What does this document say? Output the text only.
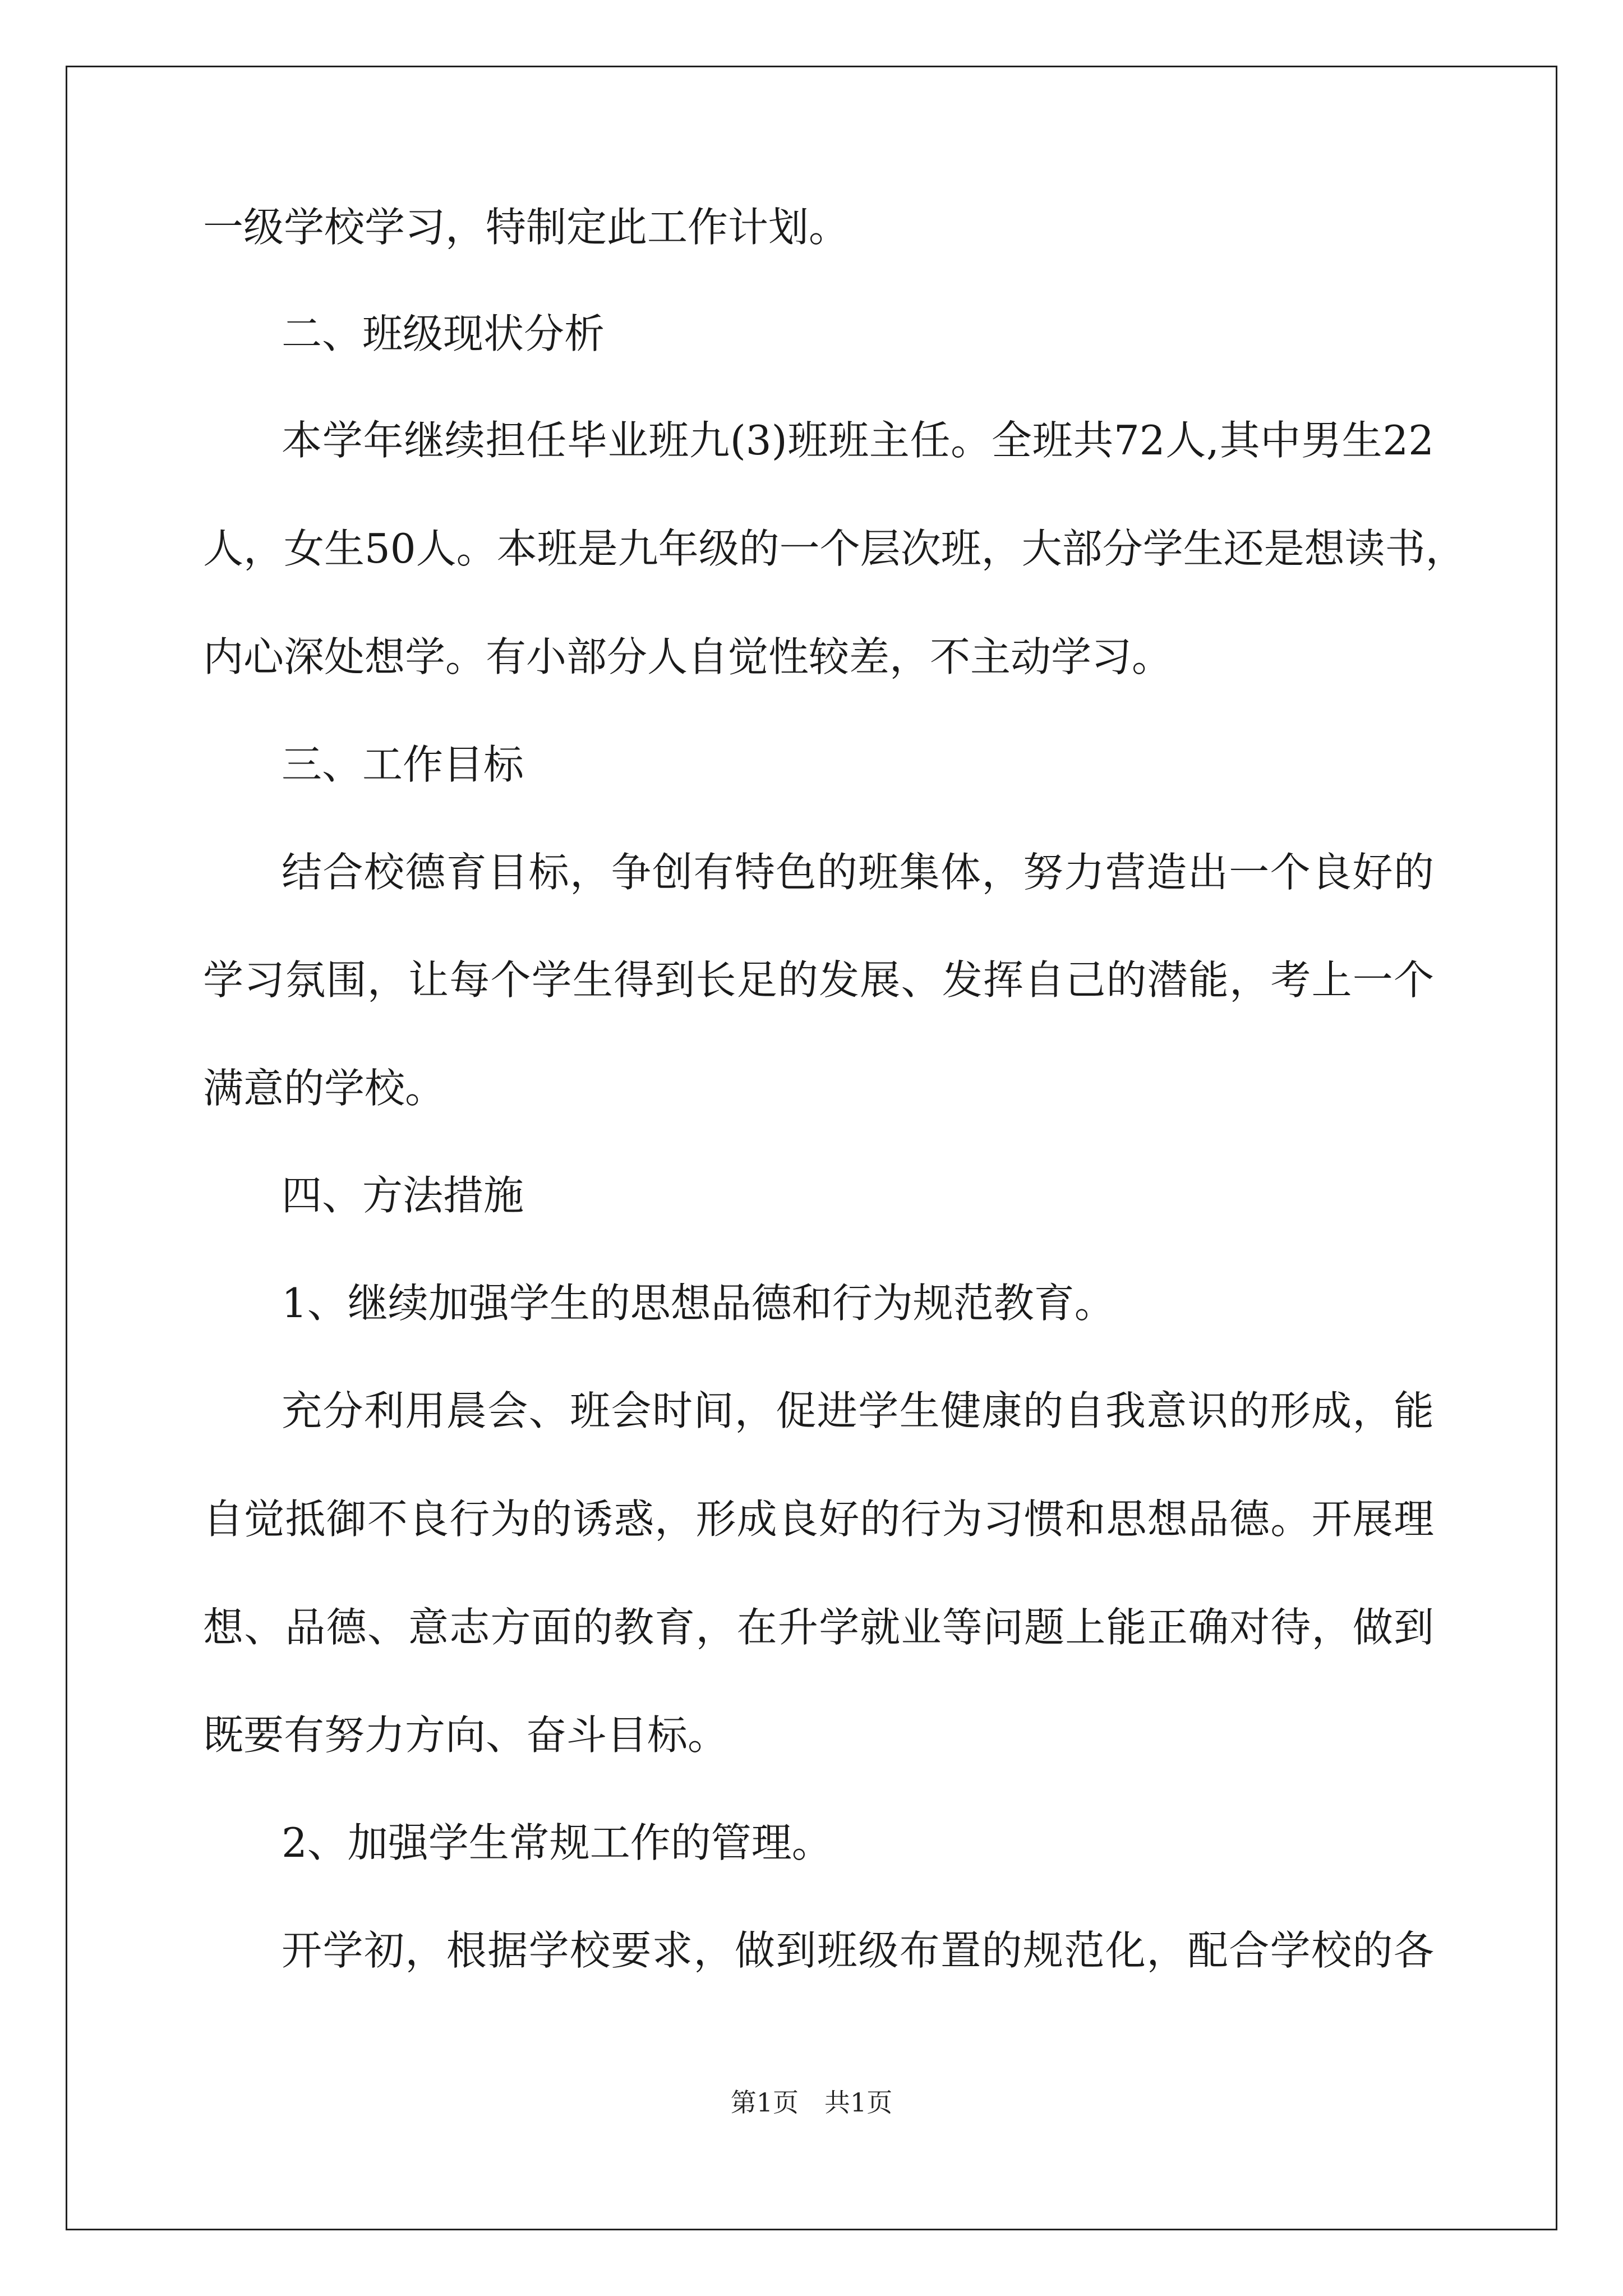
一级学校学习，特制定此工作计划。
二、班级现状分析
本学年继续担任毕业班九(3)班班主任。全班共72人,其中男生22
人，女生50人。本班是九年级的一个层次班，大部分学生还是想读书，
内心深处想学。有小部分人自觉性较差，不主动学习。
三、工作目标
结合校德育目标，争创有特色的班集体，努力营造出一个良好的
学习氛围，让每个学生得到长足的发展、发挥自己的潜能，考上一个
满意的学校。
四、方法措施
1、继续加强学生的思想品德和行为规范教育。
充分利用晨会、班会时间，促进学生健康的自我意识的形成，能
自觉抵御不良行为的诱惑，形成良好的行为习惯和思想品德。开展理
想、品德、意志方面的教育，在升学就业等问题上能正确对待，做到
既要有努力方向、奋斗目标。
2、加强学生常规工作的管理。
开学初，根据学校要求，做到班级布置的规范化，配合学校的各
第1页　共1页
